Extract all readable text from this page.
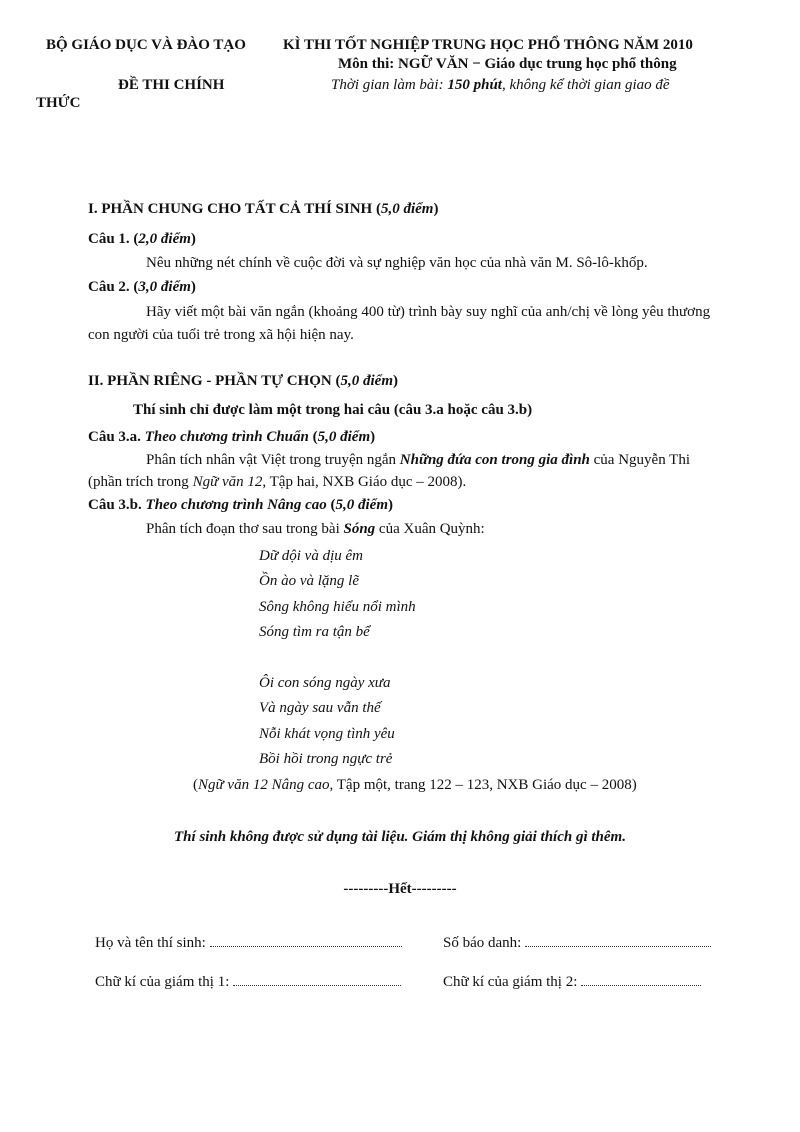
BỘ GIÁO DỤC VÀ ĐÀO TẠO
ĐỀ THI CHÍNH
THỨC
KÌ THI TỐT NGHIỆP TRUNG HỌC PHỔ THÔNG NĂM 2010
Môn thi: NGỮ VĂN − Giáo dục trung học phổ thông
Thời gian làm bài: 150 phút, không kể thời gian giao đề
I. PHẦN CHUNG CHO TẤT CẢ THÍ SINH (5,0 điểm)
Câu 1. (2,0 điểm)
Nêu những nét chính về cuộc đời và sự nghiệp văn học của nhà văn M. Sô-lô-khốp.
Câu 2. (3,0 điểm)
Hãy viết một bài văn ngắn (khoảng 400 từ) trình bày suy nghĩ của anh/chị về lòng yêu thương
con người của tuổi trẻ trong xã hội hiện nay.
II. PHẦN RIÊNG - PHẦN TỰ CHỌN (5,0 điểm)
Thí sinh chỉ được làm một trong hai câu (câu 3.a hoặc câu 3.b)
Câu 3.a. Theo chương trình Chuẩn (5,0 điểm)
Phân tích nhân vật Việt trong truyện ngắn Những đứa con trong gia đình của Nguyễn Thi
(phần trích trong Ngữ văn 12, Tập hai, NXB Giáo dục – 2008).
Câu 3.b. Theo chương trình Nâng cao (5,0 điểm)
Phân tích đoạn thơ sau trong bài Sóng của Xuân Quỳnh:
Dữ dội và dịu êm
Ồn ào và lặng lẽ
Sông không hiểu nổi mình
Sóng tìm ra tận bể
Ôi con sóng ngày xưa
Và ngày sau vẫn thế
Nỗi khát vọng tình yêu
Bồi hồi trong ngực trẻ
(Ngữ văn 12 Nâng cao, Tập một, trang 122 – 123, NXB Giáo dục – 2008)
Thí sinh không được sử dụng tài liệu. Giám thị không giải thích gì thêm.
---------Hết---------
Họ và tên thí sinh:	Số báo danh:
Chữ kí của giám thị 1:	Chữ kí của giám thị 2:
